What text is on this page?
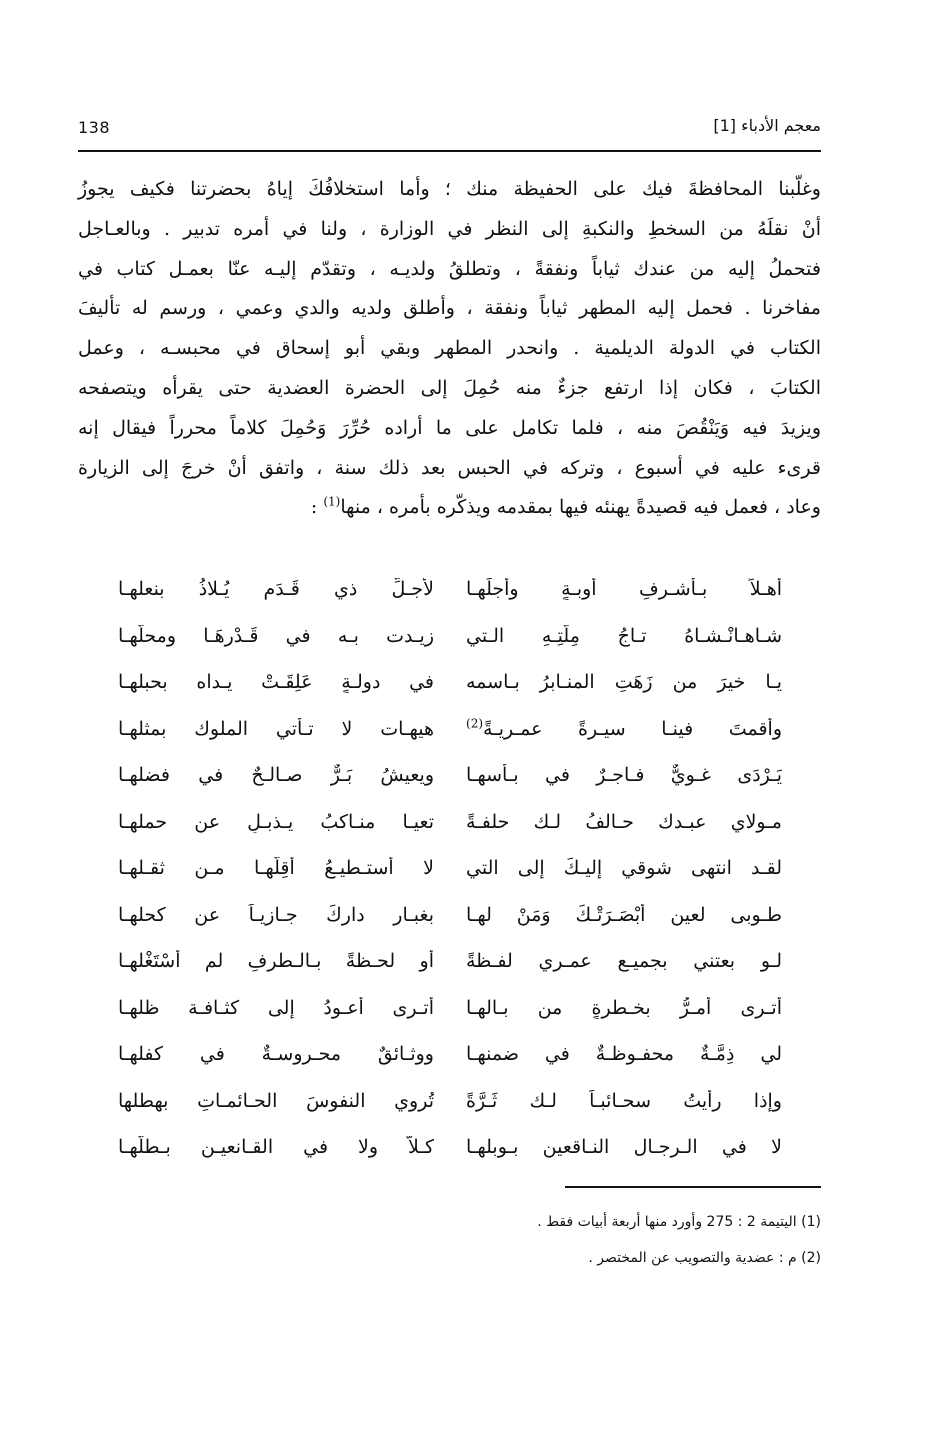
138	معجم الأدباء [1]
وغلّبنا المحافظةَ فيك على الحفيظة منك ؛ وأما استخلافُكَ إياهُ بحضرتنا فكيف يجوزُ
أنْ نقلَهُ من السخطِ والنكبةِ إلى النظر في الوزارة ، ولنا في أمره تدبير . وبالعـاجل
فتحملُ إليه من عندك ثياباً ونفقةً ، وتطلقُ ولديـه ، وتقدّم إليـه عنّا بعمـل كتاب في
مفاخرنا . فحمل إليه المطهر ثياباً ونفقة ، وأطلق ولديه والدي وعمي ، ورسم له تأليفَ
الكتاب في الدولة الديلمية . وانحدر المطهر وبقي أبو إسحاق في محبسـه ، وعمل
الكتابَ ، فكان إذا ارتفع جزءٌ منه حُمِلَ إلى الحضرة العضدية حتى يقرأه ويتصفحه
ويزيدَ فيه وَيَنْقُصَ منه ، فلما تكامل على ما أراده حُرِّرَ وَحُمِلَ كلاماً محرراً فيقال إنه
قرىء عليه في أسبوع ، وتركه في الحبس بعد ذلك سنة ، واتفق أنْ خرجَ إلى الزيارة
وعاد ، فعمل فيه قصيدةً يهنئه فيها بمقدمه ويذكّره بأمره ، منها$^{(1)}$ :
أهـلاً بـأشـرفِ أوبـةٍ وأجلِّهـا
لأجـلِّ ذي قَـدَمٍ يُـلاذُ بنعلهـا
شـاهـانْـشـاهُ تـاجُ مِلّتِـهِ الـتي
زيـدت بـه في قَـدْرِهَـا ومحلّهـا
يـا خيرَ من زَهَتِ المنـابرُ بـاسمه
في دولـةٍ عَلِقَـتْ يـداه بحبلهـا
وأقمتَ فينـا سيـرةً عمـريـةً$^{(2)}$
هيهـات لا تـأتي الملوك بمثلهـا
يَـرْدَى غـويٌّ فـاجـرٌ في بـأسهـا
ويعيشُ بَـرٌّ صـالـحٌ في فضلهـا
مـولاي عبـدك حـالفُ لـك حلفـةً
تعيـا منـاكبُ يـذبـلٍ عن حملهـا
لقـد انتهى شوقي إليـكَ إلى التي
لا أستـطيـعُ أقِلُّهـا مـن ثقـلهـا
طـوبى لعينٍ أبْصَـرَتْـكَ وَمَنْ لهـا
بغبـارِ داركَ جـازيـاً عن كحلهـا
لـو بعتني بجميـع عمـري لفـظةً
أو لحـظةً بـالـطرفِ لم أسْتَغْلهـا
أتـرى أمـرُّ بخـطرةٍ من بـالهـا
أتـرى أعـودُ إلى كثـافـة ظلهـا
لي ذِمَّـةٌ محفـوظـةٌ في ضمنهـا
ووثـائقٌ محـروسـةٌ في كفلهـا
وإذا رأيتُ سحـائبـاً لـك ثَـرَّةً
تُروي النفوسَ الحـائمـاتِ بهطلها
لا في الـرجـال النـاقعين بـوبلهـا
كـلاّ ولا في القـانعيـن بـطلّهـا
(1) اليتيمة 2 : 275 وأورد منها أربعة أبيات فقط .
(2) م : عضدية والتصويب عن المختصر .
